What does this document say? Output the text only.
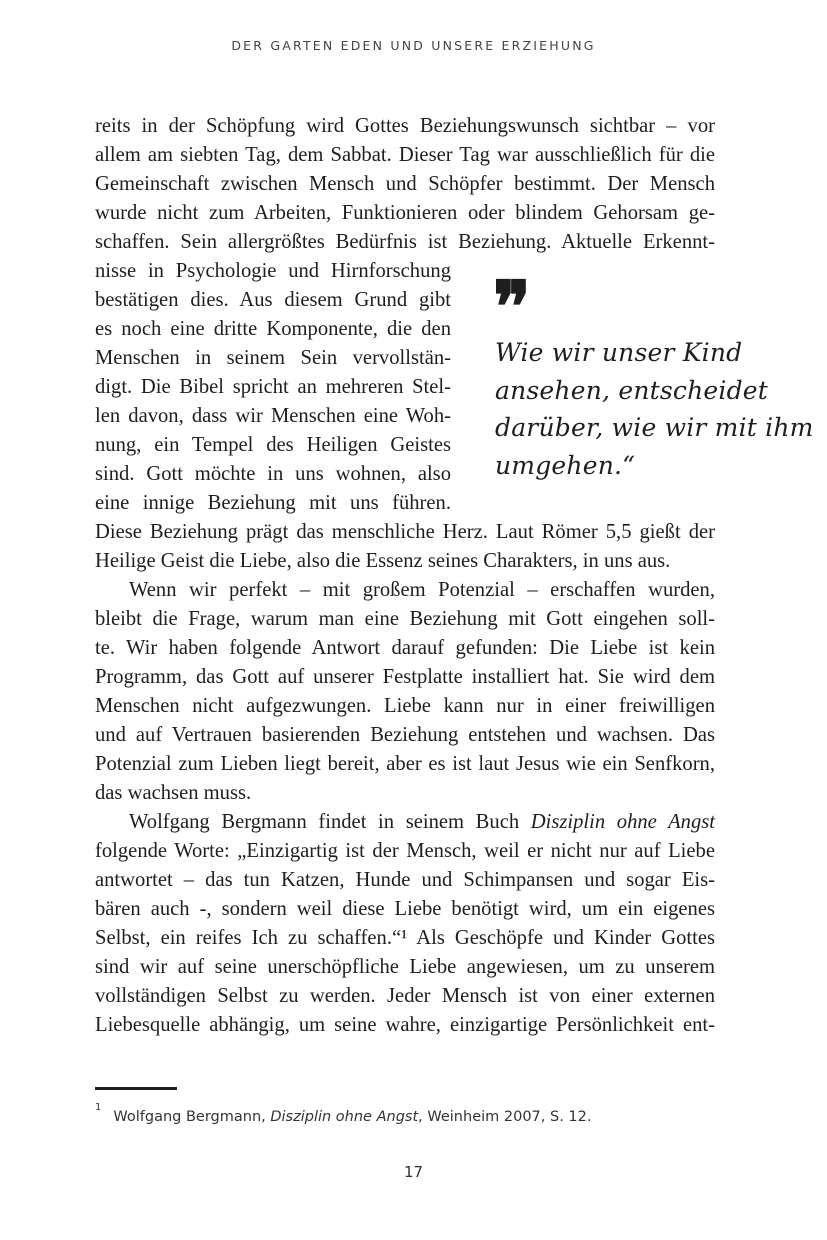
DER GARTEN EDEN UND UNSERE ERZIEHUNG
reits in der Schöpfung wird Gottes Beziehungswunsch sichtbar – vor
allem am siebten Tag, dem Sabbat. Dieser Tag war ausschließlich für die
Gemeinschaft zwischen Mensch und Schöpfer bestimmt. Der Mensch
wurde nicht zum Arbeiten, Funktionieren oder blindem Gehorsam ge-
schaffen. Sein allergrößtes Bedürfnis ist Beziehung. Aktuelle Erkennt-
nisse in Psychologie und Hirnforschung
bestätigen dies. Aus diesem Grund gibt
es noch eine dritte Komponente, die den
Menschen in seinem Sein vervollstän-
digt. Die Bibel spricht an mehreren Stel-
len davon, dass wir Menschen eine Woh-
nung, ein Tempel des Heiligen Geistes
sind. Gott möchte in uns wohnen, also
eine innige Beziehung mit uns führen.
❞
Wie wir unser Kind
ansehen, entscheidet
darüber, wie wir mit ihm
umgehen.“
Diese Beziehung prägt das menschliche Herz. Laut Römer 5,5 gießt der
Heilige Geist die Liebe, also die Essenz seines Charakters, in uns aus.
Wenn wir perfekt – mit großem Potenzial – erschaffen wurden,
bleibt die Frage, warum man eine Beziehung mit Gott eingehen soll-
te. Wir haben folgende Antwort darauf gefunden: Die Liebe ist kein
Programm, das Gott auf unserer Festplatte installiert hat. Sie wird dem
Menschen nicht aufgezwungen. Liebe kann nur in einer freiwilligen
und auf Vertrauen basierenden Beziehung entstehen und wachsen. Das
Potenzial zum Lieben liegt bereit, aber es ist laut Jesus wie ein Senfkorn,
das wachsen muss.
Wolfgang Bergmann findet in seinem Buch Disziplin ohne Angst
folgende Worte: „Einzigartig ist der Mensch, weil er nicht nur auf Liebe
antwortet – das tun Katzen, Hunde und Schimpansen und sogar Eis-
bären auch -, sondern weil diese Liebe benötigt wird, um ein eigenes
Selbst, ein reifes Ich zu schaffen.“¹ Als Geschöpfe und Kinder Gottes
sind wir auf seine unerschöpfliche Liebe angewiesen, um zu unserem
vollständigen Selbst zu werden. Jeder Mensch ist von einer externen
Liebesquelle abhängig, um seine wahre, einzigartige Persönlichkeit ent-
$^1$Wolfgang Bergmann, Disziplin ohne Angst, Weinheim 2007, S. 12.
17
